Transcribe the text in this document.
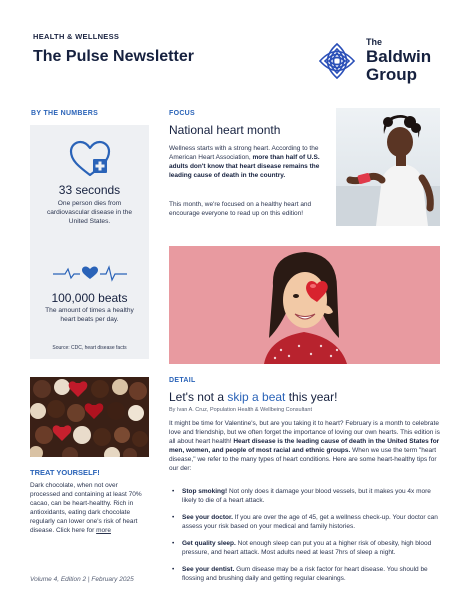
HEALTH & WELLNESS
The Pulse Newsletter
The
Baldwin
Group
BY THE NUMBERS
33 seconds
One person dies from cardiovascular disease in the United States.
100,000 beats
The amount of times a healthy heart beats per day.
Source: CDC, heart disease facts
FOCUS
National heart month

Wellness starts with a strong heart. According to the American Heart Association, more than half of U.S. adults don't know that heart disease remains the leading cause of death in the country.

This month, we're focused on a healthy heart and encourage everyone to read up on this edition!

TREAT YOURSELF!

Dark chocolate, when not over processed and containing at least 70% cacao, can be heart-healthy. Rich in antioxidants, eating dark chocolate regularly can lower one's risk of heart disease. Click here for more

Volume 4, Edition 2 | February 2025
DETAIL
Let's not a skip a beat this year!
By Ivan A. Cruz, Population Health & Wellbeing Consultant

It might be time for Valentine's, but are you taking it to heart? February is a month to celebrate love and friendship, but we often forget the importance of loving our own hearts. This edition is all about heart health! Heart disease is the leading cause of death in the United States for men, women, and people of most racial and ethnic groups. When we use the term "heart disease," we refer to the many types of heart conditions. Here are some heart-healthy tips for our der:

• Stop smoking! Not only does it damage your blood vessels, but it makes you 4x more likely to die of a heart attack.
• See your doctor. If you are over the age of 45, get a wellness check-up. Your doctor can assess your risk based on your medical and family histories.
• Get quality sleep. Not enough sleep can put you at a higher risk of obesity, high blood pressure, and heart attack. Most adults need at least 7hrs of sleep a night.
• See your dentist. Gum disease may be a risk factor for heart disease. You should be flossing and brushing daily and getting regular cleanings.
